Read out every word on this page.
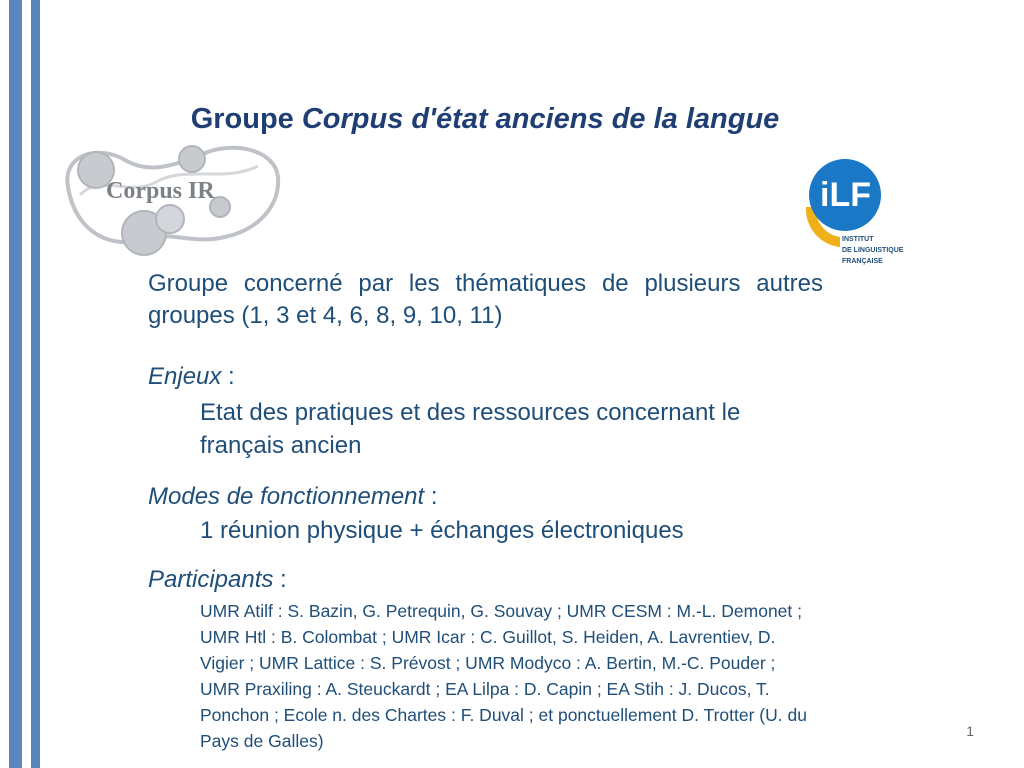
Groupe Corpus d'état anciens de la langue
Corpus IR	iLF
INSTITUT
DE LINGUISTIQUE
FRANÇAISE
Groupe concerné par les thématiques de plusieurs autres groupes (1, 3 et 4, 6, 8, 9, 10, 11)
Enjeux :
Etat des pratiques et des ressources concernant le français ancien
Modes de fonctionnement :
1 réunion physique + échanges électroniques
Participants :
UMR Atilf : S. Bazin, G. Petrequin, G. Souvay ; UMR CESM : M.-L. Demonet ; UMR Htl : B. Colombat ; UMR Icar : C. Guillot, S. Heiden, A. Lavrentiev, D. Vigier ; UMR Lattice : S. Prévost ; UMR Modyco : A. Bertin, M.-C. Pouder ; UMR Praxiling : A. Steuckardt ; EA Lilpa : D. Capin ; EA Stih : J. Ducos, T. Ponchon ; Ecole n. des Chartes : F. Duval ; et ponctuellement D. Trotter (U. du Pays de Galles)	1
